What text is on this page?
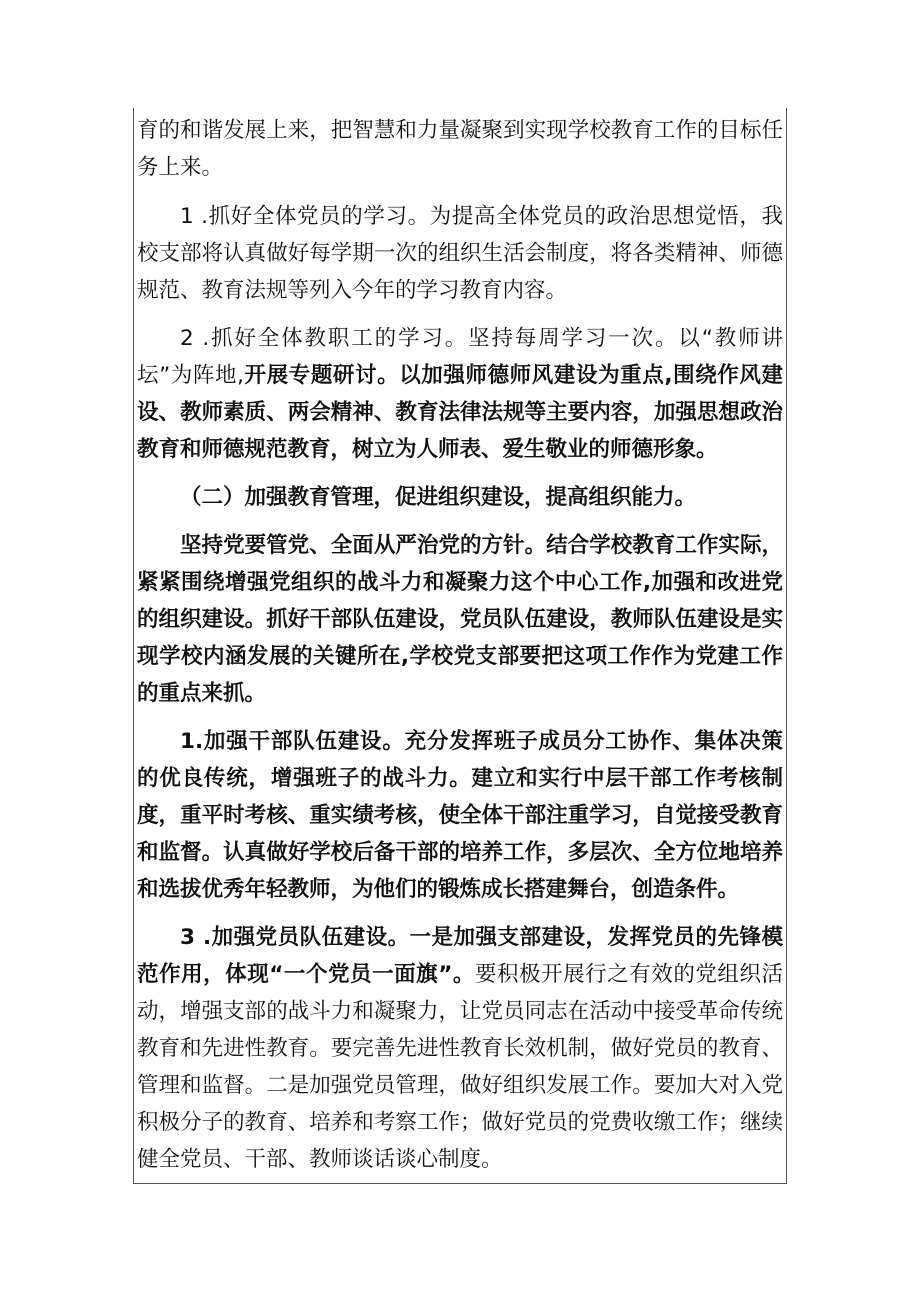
育的和谐发展上来，把智慧和力量凝聚到实现学校教育工作的目标任务上来。

1 .抓好全体党员的学习。为提高全体党员的政治思想觉悟，我校支部将认真做好每学期一次的组织生活会制度，将各类精神、师德规范、教育法规等列入今年的学习教育内容。

2 .抓好全体教职工的学习。坚持每周学习一次。以“教师讲坛”为阵地,开展专题研讨。以加强师德师风建设为重点,围绕作风建设、教师素质、两会精神、教育法律法规等主要内容，加强思想政治教育和师德规范教育，树立为人师表、爱生敬业的师德形象。

（二）加强教育管理，促进组织建设，提高组织能力。

坚持党要管党、全面从严治党的方针。结合学校教育工作实际，紧紧围绕增强党组织的战斗力和凝聚力这个中心工作,加强和改进党的组织建设。抓好干部队伍建设，党员队伍建设，教师队伍建设是实现学校内涵发展的关键所在,学校党支部要把这项工作作为党建工作的重点来抓。

1.加强干部队伍建设。充分发挥班子成员分工协作、集体决策的优良传统，增强班子的战斗力。建立和实行中层干部工作考核制度，重平时考核、重实绩考核，使全体干部注重学习，自觉接受教育和监督。认真做好学校后备干部的培养工作，多层次、全方位地培养和选拔优秀年轻教师，为他们的锻炼成长搭建舞台，创造条件。

3 .加强党员队伍建设。一是加强支部建设，发挥党员的先锋模范作用，体现“一个党员一面旗”。要积极开展行之有效的党组织活动，增强支部的战斗力和凝聚力，让党员同志在活动中接受革命传统教育和先进性教育。要完善先进性教育长效机制，做好党员的教育、管理和监督。二是加强党员管理，做好组织发展工作。要加大对入党积极分子的教育、培养和考察工作；做好党员的党费收缴工作；继续健全党员、干部、教师谈话谈心制度。
